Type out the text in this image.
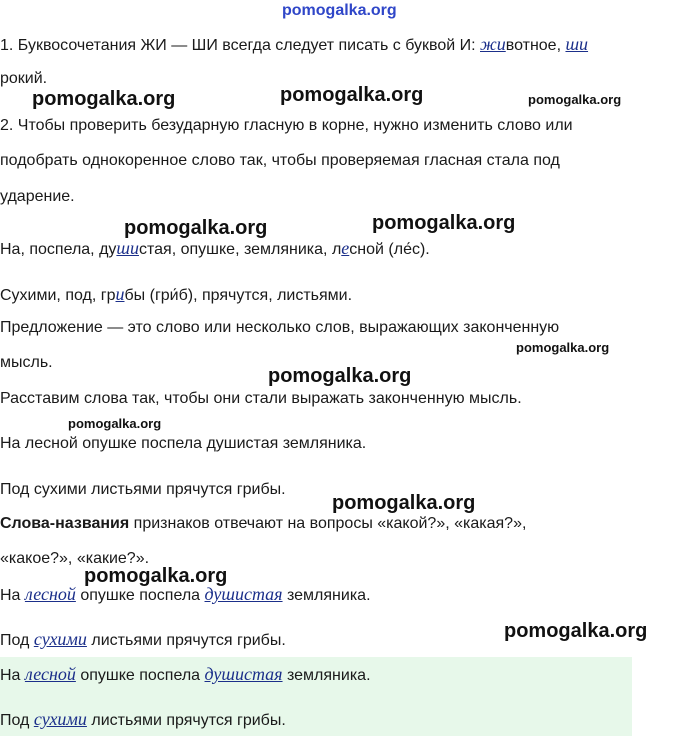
pomogalka.org
pomogalka.org	pomogalka.org	pomogalka.org
pomogalka.org	pomogalka.org
pomogalka.org
pomogalka.org
pomogalka.org
pomogalka.org
pomogalka.org
pomogalka.org
1. Буквосочетания ЖИ — ШИ всегда следует писать с буквой И: животное, ши
рокий.
2. Чтобы проверить безударную гласную в корне, нужно изменить слово или
подобрать однокоренное слово так, чтобы проверяемая гласная стала под
ударение.
На, поспела, душистая, опушке, земляника, лесной (ле́с).
Сухими, под, грибы (гри́б), прячутся, листьями.
Предложение — это слово или несколько слов, выражающих законченную
мысль.
Расставим слова так, чтобы они стали выражать законченную мысль.
На лесной опушке поспела душистая земляника.
Под сухими листьями прячутся грибы.
Слова-названия признаков отвечают на вопросы «какой?», «какая?»,
«какое?», «какие?».
На лесной опушке поспела душистая земляника.
Под сухими листьями прячутся грибы.
На лесной опушке поспела душистая земляника.
Под сухими листьями прячутся грибы.
